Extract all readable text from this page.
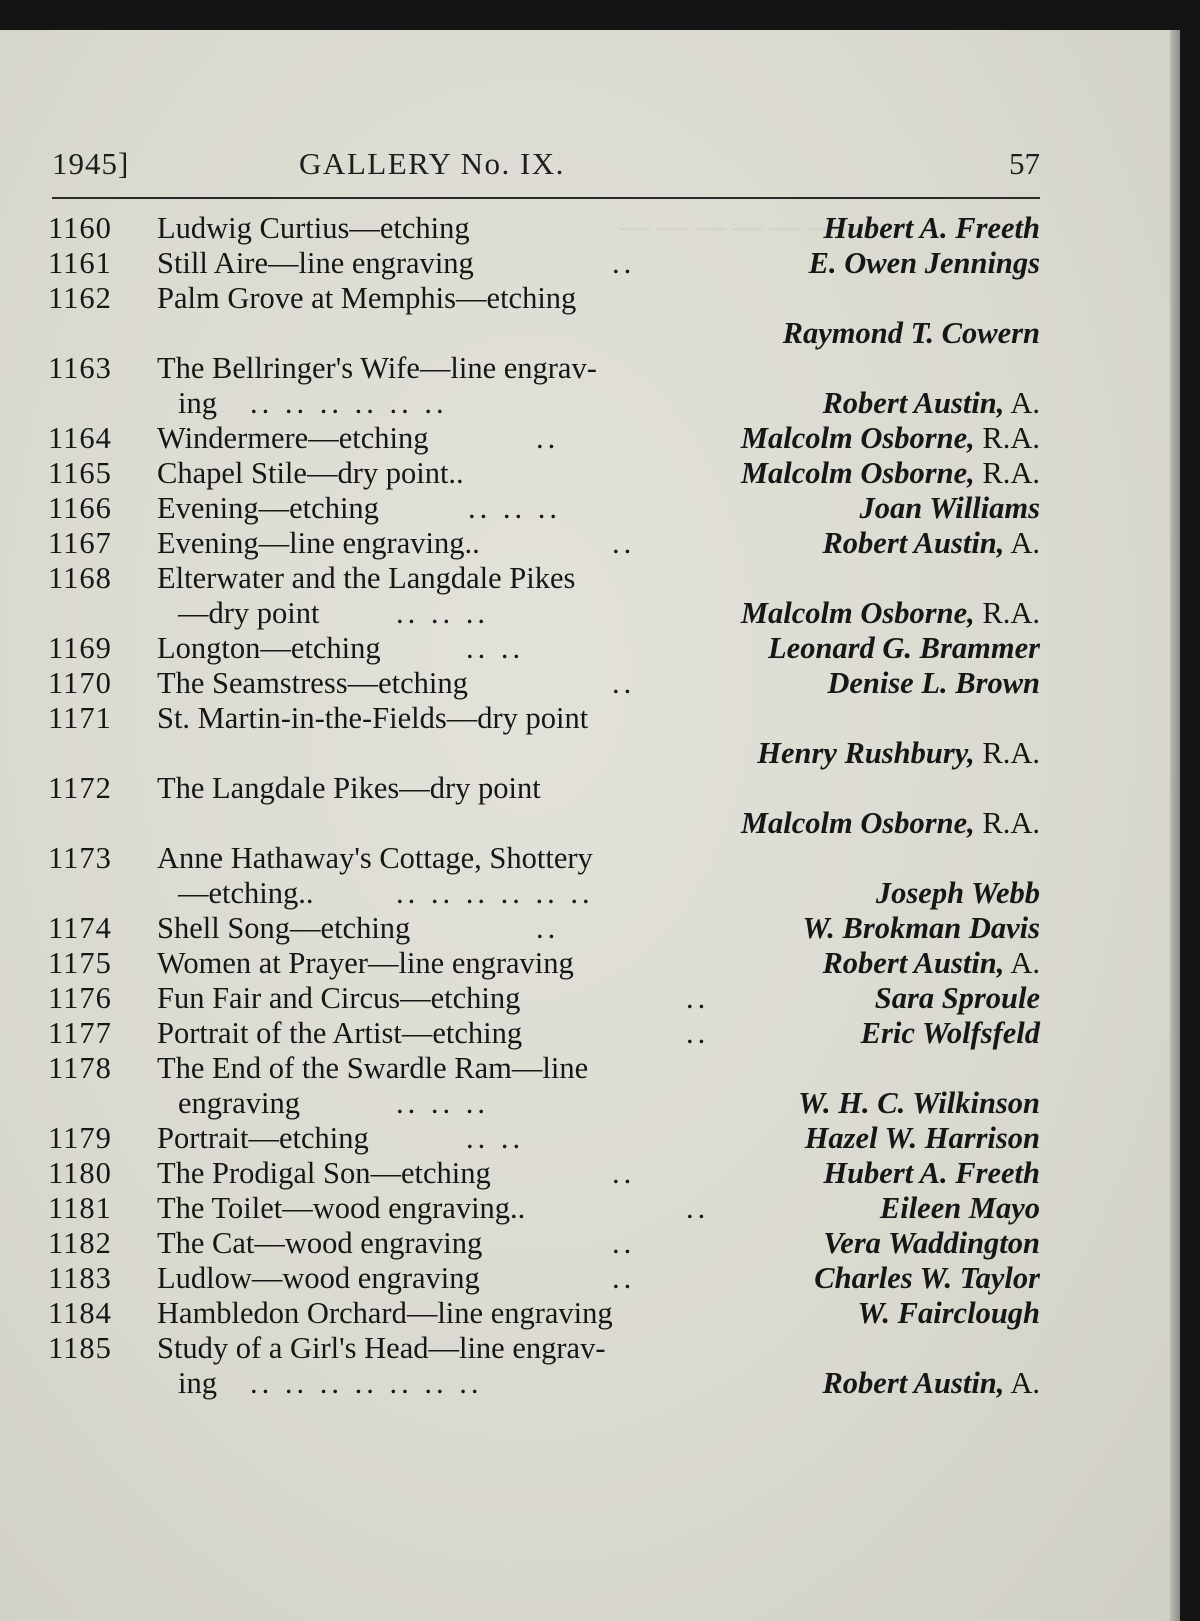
— — — — — — —
1945]	GALLERY No. IX.	57
1160	Ludwig Curtius—etching	Hubert A. Freeth
1161	Still Aire—line engraving	..	E. Owen Jennings
1162	Palm Grove at Memphis—etching
Raymond T. Cowern
1163	The Bellringer's Wife—line engrav-
ing .. .. .. .. .. ..	Robert Austin, A.
1164	Windermere—etching	..	Malcolm Osborne, R.A.
1165	Chapel Stile—dry point..	Malcolm Osborne, R.A.
1166	Evening—etching	.. .. ..	Joan Williams
1167	Evening—line engraving..	..	Robert Austin, A.
1168	Elterwater and the Langdale Pikes
—dry point	.. .. ..	Malcolm Osborne, R.A.
1169	Longton—etching	.. ..	Leonard G. Brammer
1170	The Seamstress—etching	..	Denise L. Brown
1171	St. Martin-in-the-Fields—dry point
Henry Rushbury, R.A.
1172	The Langdale Pikes—dry point
Malcolm Osborne, R.A.
1173	Anne Hathaway's Cottage, Shottery
—etching..	.. .. .. .. .. ..	Joseph Webb
1174	Shell Song—etching	..	W. Brokman Davis
1175	Women at Prayer—line engraving	Robert Austin, A.
1176	Fun Fair and Circus—etching	..	Sara Sproule
1177	Portrait of the Artist—etching	..	Eric Wolfsfeld
1178	The End of the Swardle Ram—line
engraving	.. .. ..	W. H. C. Wilkinson
1179	Portrait—etching	.. ..	Hazel W. Harrison
1180	The Prodigal Son—etching	..	Hubert A. Freeth
1181	The Toilet—wood engraving..	..	Eileen Mayo
1182	The Cat—wood engraving	..	Vera Waddington
1183	Ludlow—wood engraving	..	Charles W. Taylor
1184	Hambledon Orchard—line engraving	W. Fairclough
1185	Study of a Girl's Head—line engrav-
ing .. .. .. .. .. .. ..	Robert Austin, A.
